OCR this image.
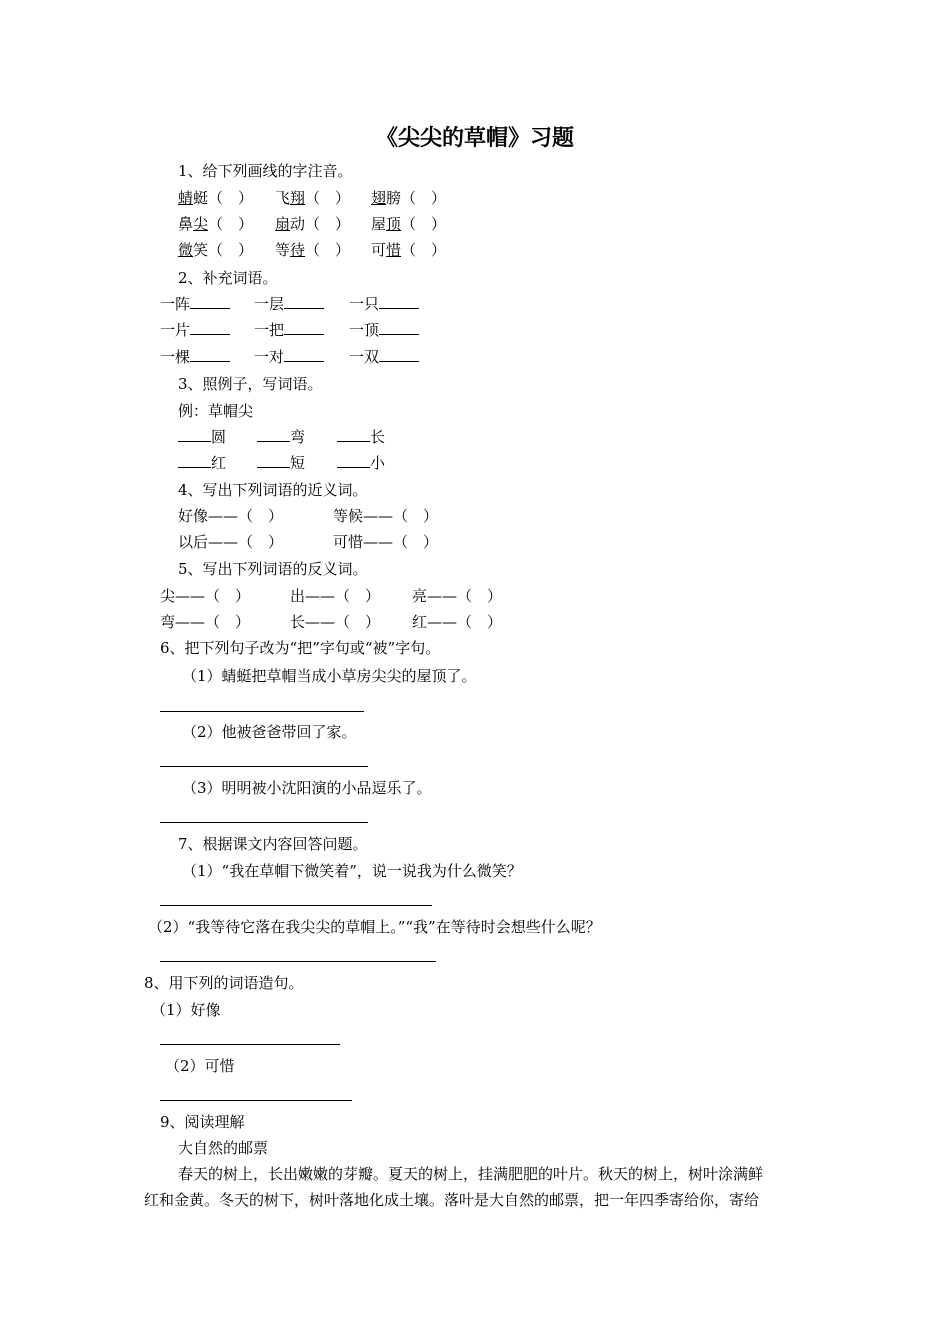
《尖尖的草帽》习题
1、给下列画线的字注音。
蜻蜓（　） 飞翔（　） 翅膀（　）
鼻尖（　） 扇动（　） 屋顶（　）
微笑（　） 等待（　） 可惜（　）
2、补充词语。
一阵	一层	一只
一片	一把	一顶
一棵	一对	一双
3、照例子，写词语。
例：草帽尖
圆	弯	长
红	短	小
4、写出下列词语的近义词。
好像——（　）	等候——（　）
以后——（　）	可惜——（　）
5、写出下列词语的反义词。
尖——（　）	出——（　） 亮——（　）
弯——（　）	长——（　） 红——（　）
6、把下列句子改为“把”字句或“被”字句。
（1）蜻蜓把草帽当成小草房尖尖的屋顶了。
（2）他被爸爸带回了家。
（3）明明被小沈阳演的小品逗乐了。
7、根据课文内容回答问题。
（1）“我在草帽下微笑着”，说一说我为什么微笑？
（2）“我等待它落在我尖尖的草帽上。”“我”在等待时会想些什么呢？
8、用下列的词语造句。
（1）好像
（2）可惜
9、阅读理解
大自然的邮票
春天的树上，长出嫩嫩的芽瓣。夏天的树上，挂满肥肥的叶片。秋天的树上，树叶涂满鲜
红和金黄。冬天的树下，树叶落地化成土壤。落叶是大自然的邮票，把一年四季寄给你，寄给
